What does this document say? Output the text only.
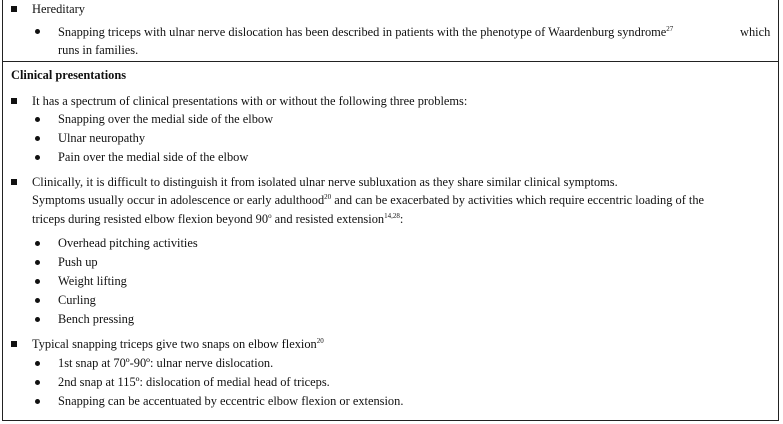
Hereditary
Snapping triceps with ulnar nerve dislocation has been described in patients with the phenotype of Waardenburg syndrome$^{27}$	which
runs in families.
Clinical presentations
It has a spectrum of clinical presentations with or without the following three problems:
Snapping over the medial side of the elbow
Ulnar neuropathy
Pain over the medial side of the elbow
Clinically, it is difficult to distinguish it from isolated ulnar nerve subluxation as they share similar clinical symptoms.
Symptoms usually occur in adolescence or early adulthood$^{20}$ and can be exacerbated by activities which require eccentric loading of the
triceps during resisted elbow flexion beyond 90$^o$ and resisted extension$^{14,28}$:
Overhead pitching activities
Push up
Weight lifting
Curling
Bench pressing
Typical snapping triceps give two snaps on elbow flexion$^{20}$
1st snap at 70º-90º: ulnar nerve dislocation.
2nd snap at 115º: dislocation of medial head of triceps.
Snapping can be accentuated by eccentric elbow flexion or extension.
